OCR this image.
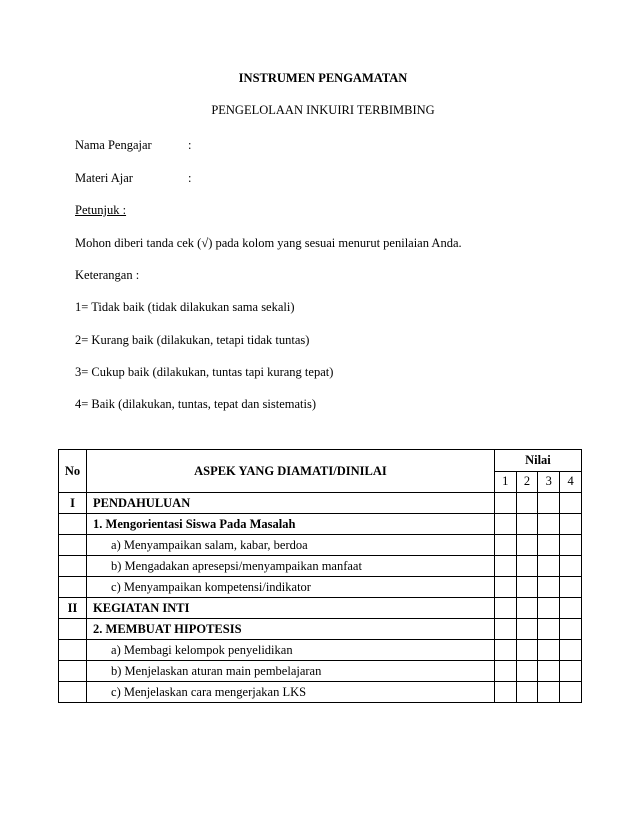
INSTRUMEN PENGAMATAN
PENGELOLAAN INKUIRI TERBIMBING
Nama Pengajar	:
Materi Ajar	:
Petunjuk :
Mohon diberi tanda cek (√) pada kolom yang sesuai menurut penilaian Anda.
Keterangan :
1= Tidak baik (tidak dilakukan sama sekali)
2= Kurang baik (dilakukan, tetapi tidak tuntas)
3= Cukup baik (dilakukan, tuntas tapi kurang tepat)
4= Baik (dilakukan, tuntas, tepat dan sistematis)
No	ASPEK YANG DIAMATI/DINILAI	Nilai			
		1	2	3	4
I	PENDAHULUAN				
	1. Mengorientasi Siswa Pada Masalah				
	a) Menyampaikan salam, kabar, berdoa				
	b) Mengadakan apresepsi/menyampaikan manfaat				
	c) Menyampaikan kompetensi/indikator				
II	KEGIATAN INTI				
	2. MEMBUAT HIPOTESIS				
	a) Membagi kelompok penyelidikan				
	b) Menjelaskan aturan main pembelajaran				
	c) Menjelaskan cara mengerjakan LKS				
